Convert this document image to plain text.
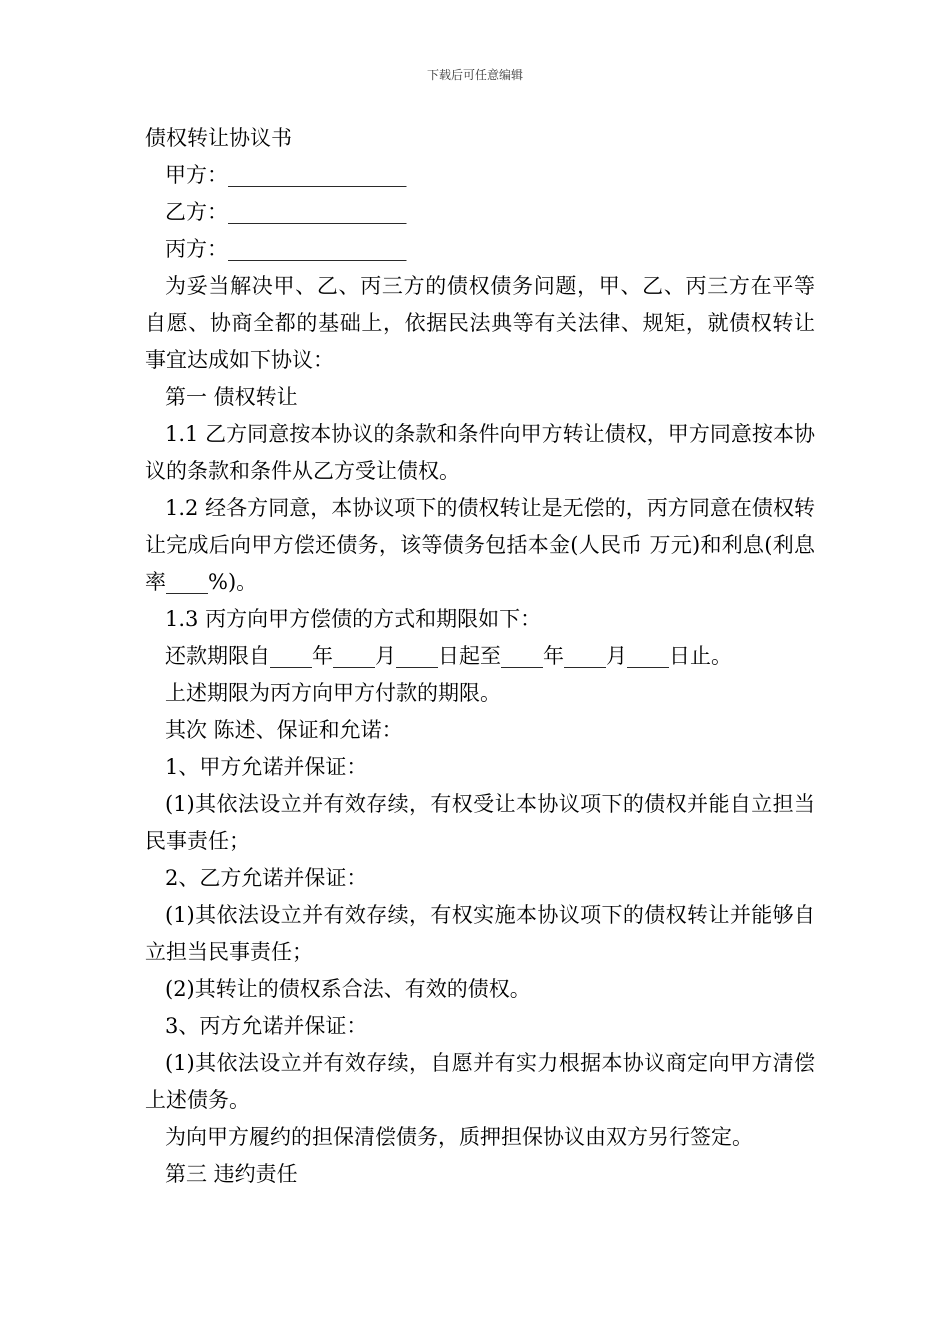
下载后可任意编辑
债权转让协议书
甲方：_________________
乙方：_________________
丙方：_________________
为妥当解决甲、乙、丙三方的债权债务问题，甲、乙、丙三方在平等自愿、协商全都的基础上，依据民法典等有关法律、规矩，就债权转让事宜达成如下协议：
第一 债权转让
1.1 乙方同意按本协议的条款和条件向甲方转让债权，甲方同意按本协议的条款和条件从乙方受让债权。
1.2 经各方同意，本协议项下的债权转让是无偿的，丙方同意在债权转让完成后向甲方偿还债务，该等债务包括本金(人民币 万元)和利息(利息率____%)。
1.3 丙方向甲方偿债的方式和期限如下：
还款期限自____年____月____日起至____年____月____日止。
上述期限为丙方向甲方付款的期限。
其次 陈述、保证和允诺：
1、甲方允诺并保证：
(1)其依法设立并有效存续，有权受让本协议项下的债权并能自立担当民事责任；
2、乙方允诺并保证：
(1)其依法设立并有效存续，有权实施本协议项下的债权转让并能够自立担当民事责任；
(2)其转让的债权系合法、有效的债权。
3、丙方允诺并保证：
(1)其依法设立并有效存续，自愿并有实力根据本协议商定向甲方清偿上述债务。
为向甲方履约的担保清偿债务，质押担保协议由双方另行签定。
第三 违约责任
